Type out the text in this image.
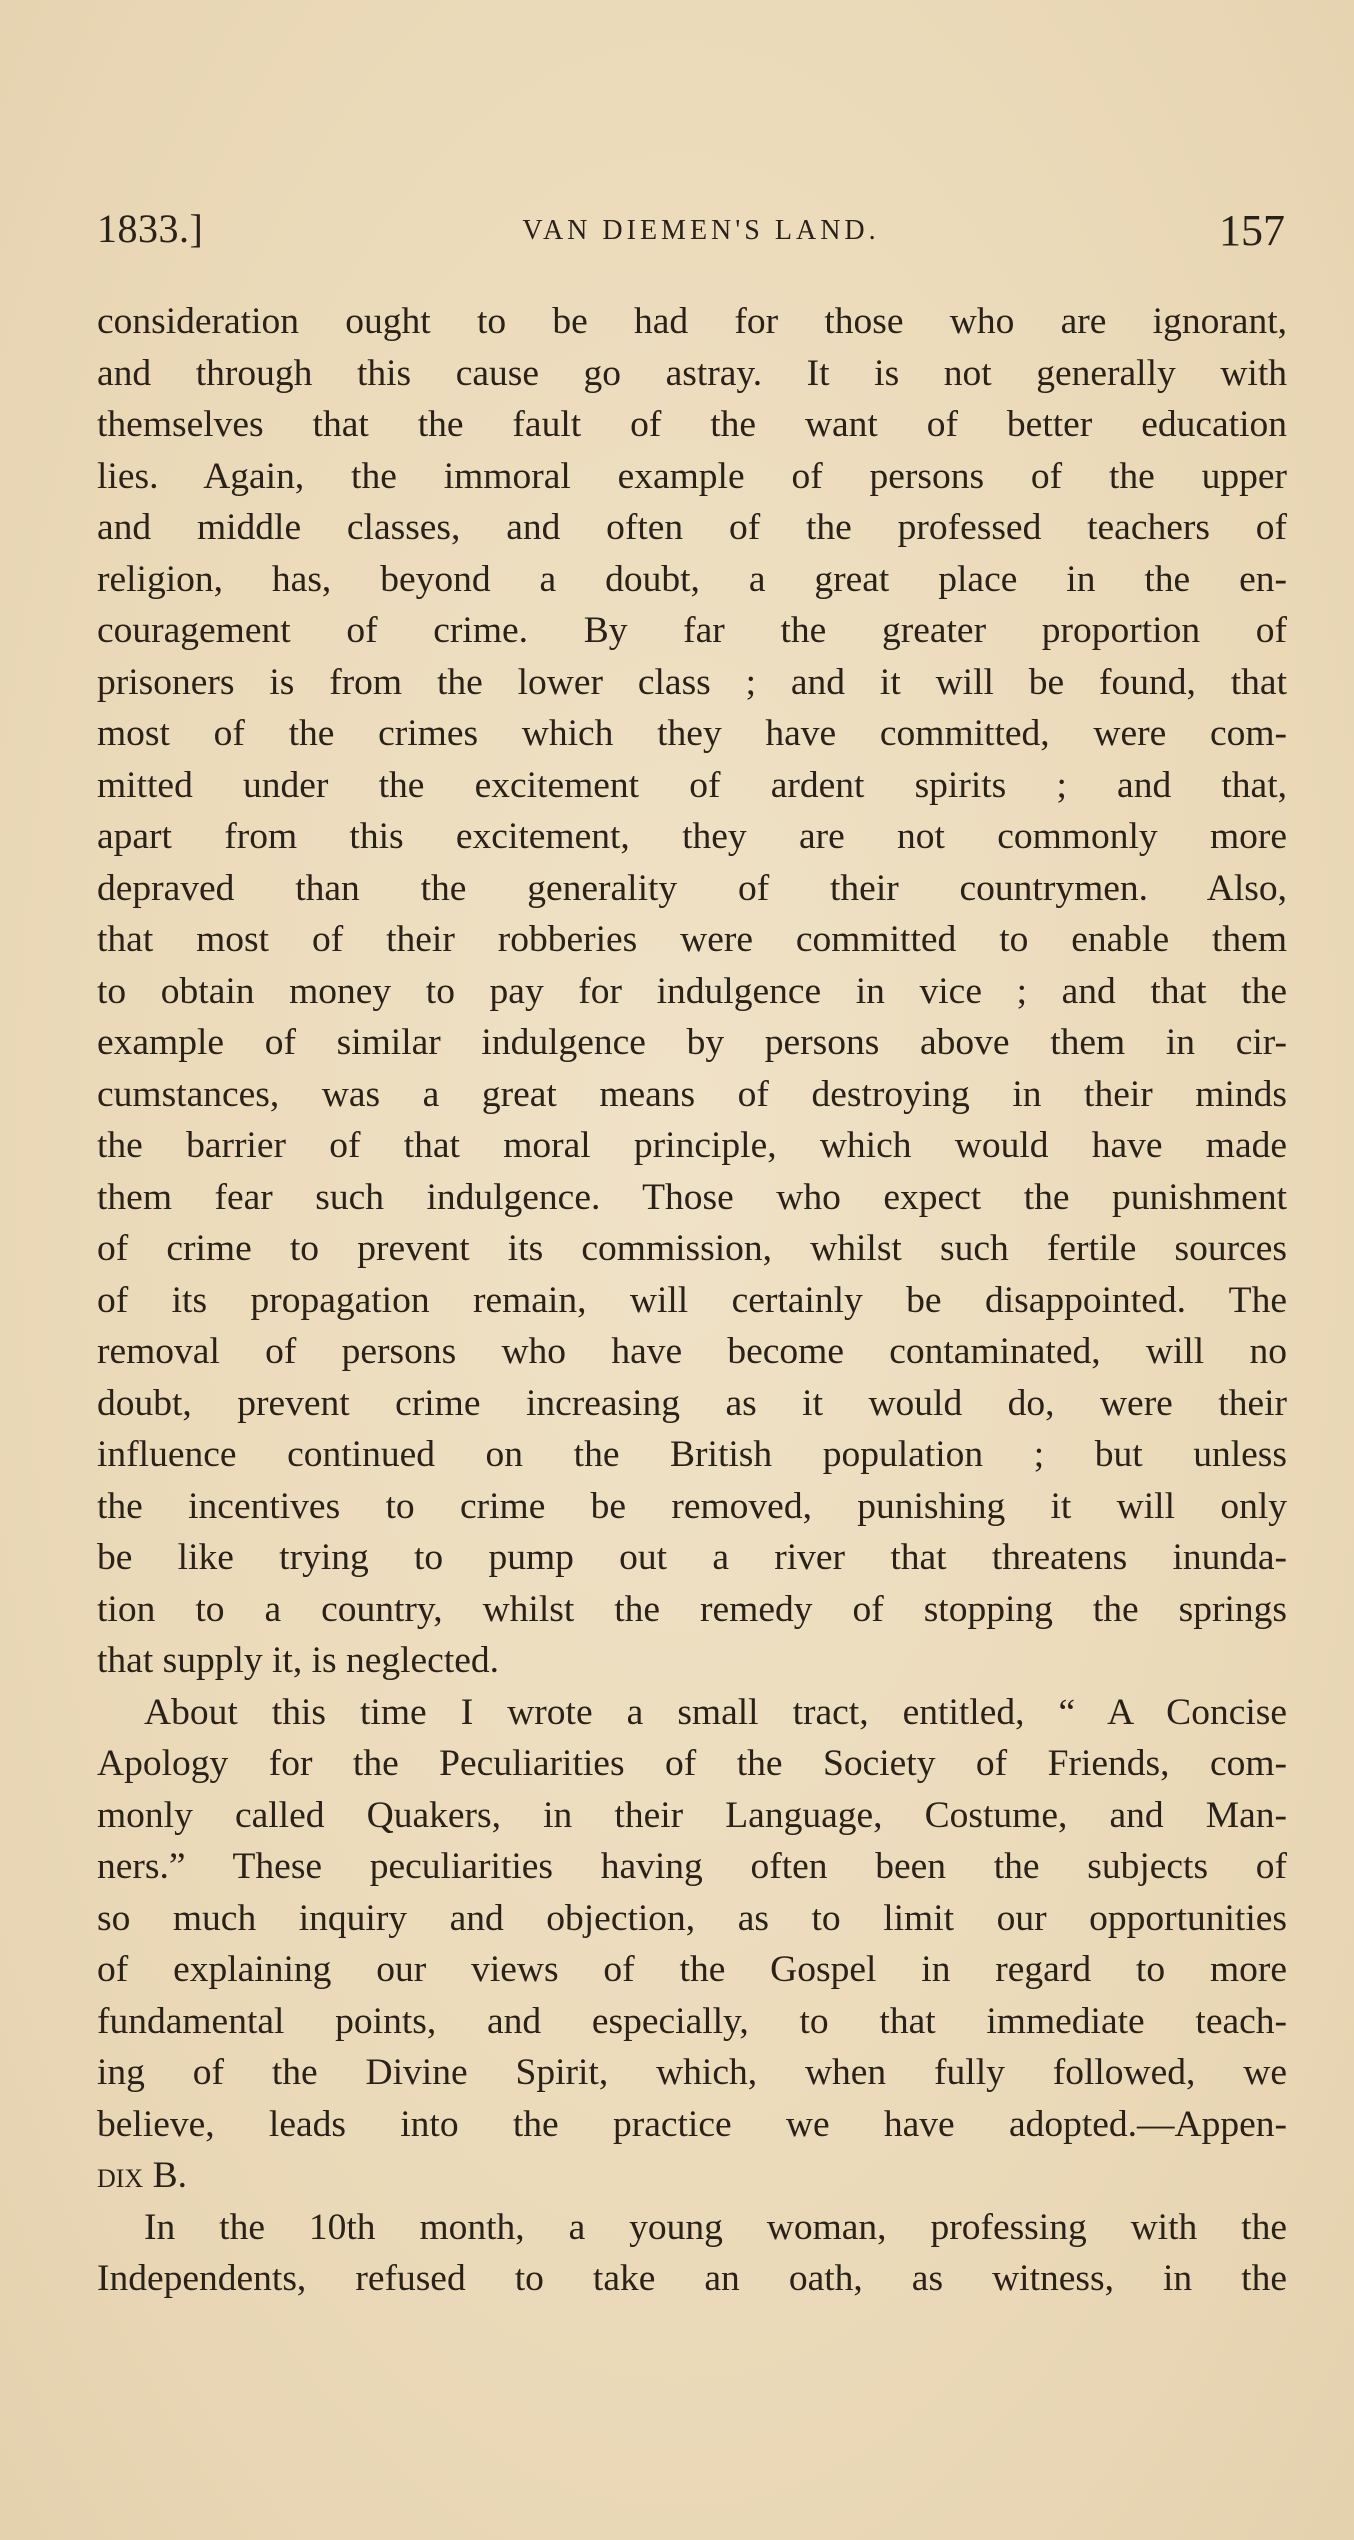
1833.]	VAN DIEMEN'S LAND.	157
consideration ought to be had for those who are ignorant,
and through this cause go astray. It is not generally with
themselves that the fault of the want of better education
lies. Again, the immoral example of persons of the upper
and middle classes, and often of the professed teachers of
religion, has, beyond a doubt, a great place in the en-
couragement of crime. By far the greater proportion of
prisoners is from the lower class ; and it will be found, that
most of the crimes which they have committed, were com-
mitted under the excitement of ardent spirits ; and that,
apart from this excitement, they are not commonly more
depraved than the generality of their countrymen. Also,
that most of their robberies were committed to enable them
to obtain money to pay for indulgence in vice ; and that the
example of similar indulgence by persons above them in cir-
cumstances, was a great means of destroying in their minds
the barrier of that moral principle, which would have made
them fear such indulgence. Those who expect the punishment
of crime to prevent its commission, whilst such fertile sources
of its propagation remain, will certainly be disappointed. The
removal of persons who have become contaminated, will no
doubt, prevent crime increasing as it would do, were their
influence continued on the British population ; but unless
the incentives to crime be removed, punishing it will only
be like trying to pump out a river that threatens inunda-
tion to a country, whilst the remedy of stopping the springs
that supply it, is neglected.
About this time I wrote a small tract, entitled, “ A Concise
Apology for the Peculiarities of the Society of Friends, com-
monly called Quakers, in their Language, Costume, and Man-
ners.” These peculiarities having often been the subjects of
so much inquiry and objection, as to limit our opportunities
of explaining our views of the Gospel in regard to more
fundamental points, and especially, to that immediate teach-
ing of the Divine Spirit, which, when fully followed, we
believe, leads into the practice we have adopted.—Appen-
dix B.
In the 10th month, a young woman, professing with the
Independents, refused to take an oath, as witness, in the
